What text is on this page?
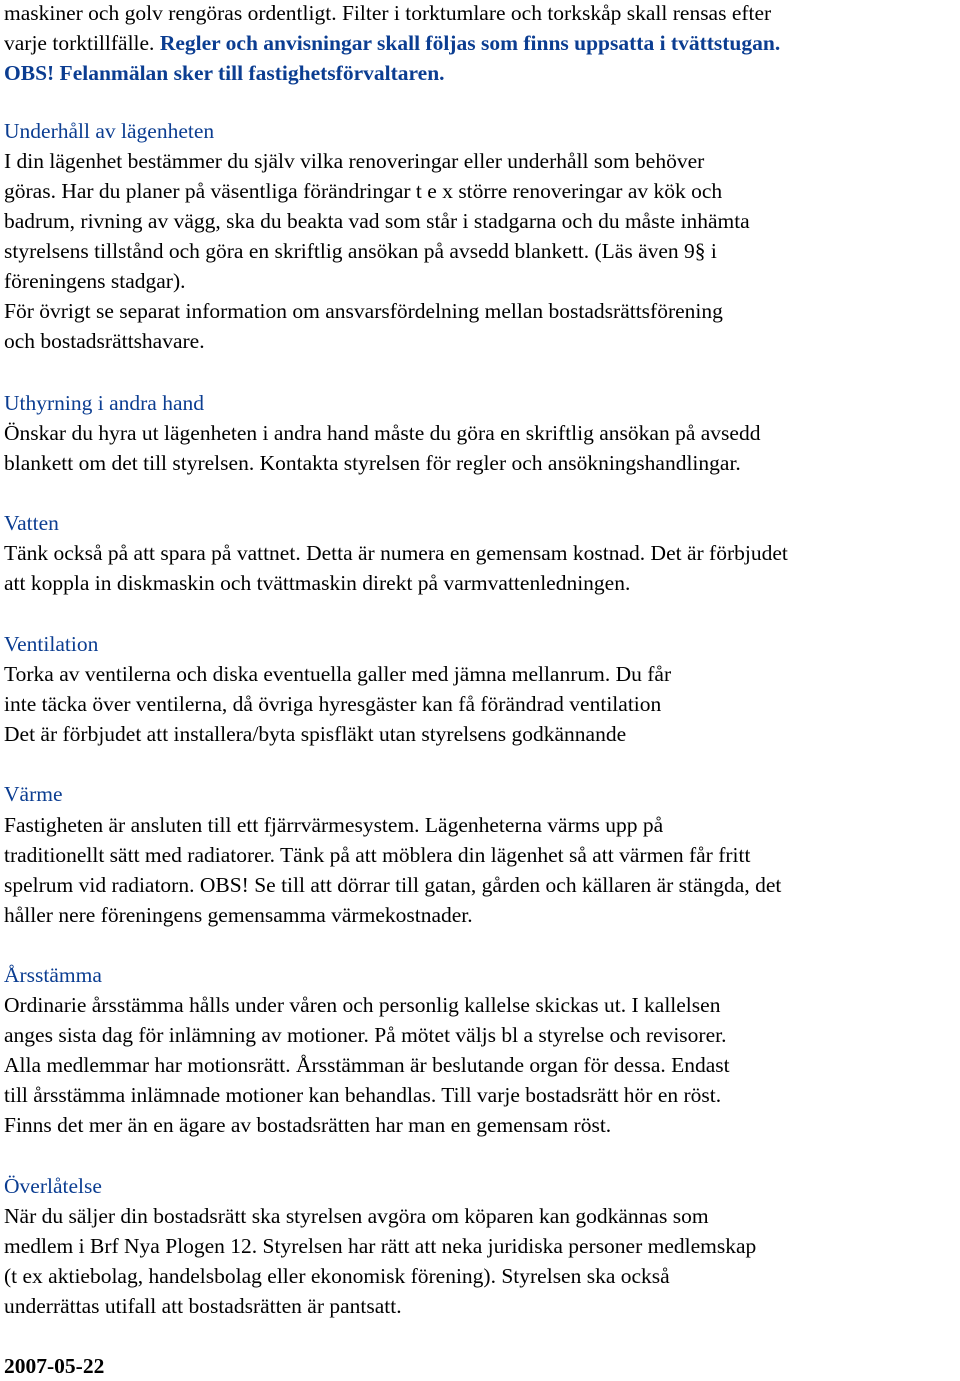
maskiner och golv rengöras ordentligt. Filter i torktumlare och torkskåp skall rensas efter
varje torktillfälle. Regler och anvisningar skall följas som finns uppsatta i tvättstugan.
OBS! Felanmälan sker till fastighetsförvaltaren.
Underhåll av lägenheten
I din lägenhet bestämmer du själv vilka renoveringar eller underhåll som behöver
göras. Har du planer på väsentliga förändringar t e x större renoveringar av kök och
badrum, rivning av vägg, ska du beakta vad som står i stadgarna och du måste inhämta
styrelsens tillstånd och göra en skriftlig ansökan på avsedd blankett. (Läs även 9§ i
föreningens stadgar).
För övrigt se separat information om ansvarsfördelning mellan bostadsrättsförening
och bostadsrättshavare.
Uthyrning i andra hand
Önskar du hyra ut lägenheten i andra hand måste du göra en skriftlig ansökan på avsedd
blankett om det till styrelsen. Kontakta styrelsen för regler och ansökningshandlingar.
Vatten
Tänk också på att spara på vattnet. Detta är numera en gemensam kostnad. Det är förbjudet
att koppla in diskmaskin och tvättmaskin direkt på varmvattenledningen.
Ventilation
Torka av ventilerna och diska eventuella galler med jämna mellanrum. Du får
inte täcka över ventilerna, då övriga hyresgäster kan få förändrad ventilation
Det är förbjudet att installera/byta spisfläkt utan styrelsens godkännande
Värme
Fastigheten är ansluten till ett fjärrvärmesystem. Lägenheterna värms upp på
traditionellt sätt med radiatorer. Tänk på att möblera din lägenhet så att värmen får fritt
spelrum vid radiatorn. OBS! Se till att dörrar till gatan, gården och källaren är stängda, det
håller nere föreningens gemensamma värmekostnader.
Årsstämma
Ordinarie årsstämma hålls under våren och personlig kallelse skickas ut. I kallelsen
anges sista dag för inlämning av motioner. På mötet väljs bl a styrelse och revisorer.
Alla medlemmar har motionsrätt. Årsstämman är beslutande organ för dessa. Endast
till årsstämma inlämnade motioner kan behandlas. Till varje bostadsrätt hör en röst.
Finns det mer än en ägare av bostadsrätten har man en gemensam röst.
Överlåtelse
När du säljer din bostadsrätt ska styrelsen avgöra om köparen kan godkännas som
medlem i Brf Nya Plogen 12. Styrelsen har rätt att neka juridiska personer medlemskap
(t ex aktiebolag, handelsbolag eller ekonomisk förening). Styrelsen ska också
underrättas utifall att bostadsrätten är pantsatt.
2007-05-22
